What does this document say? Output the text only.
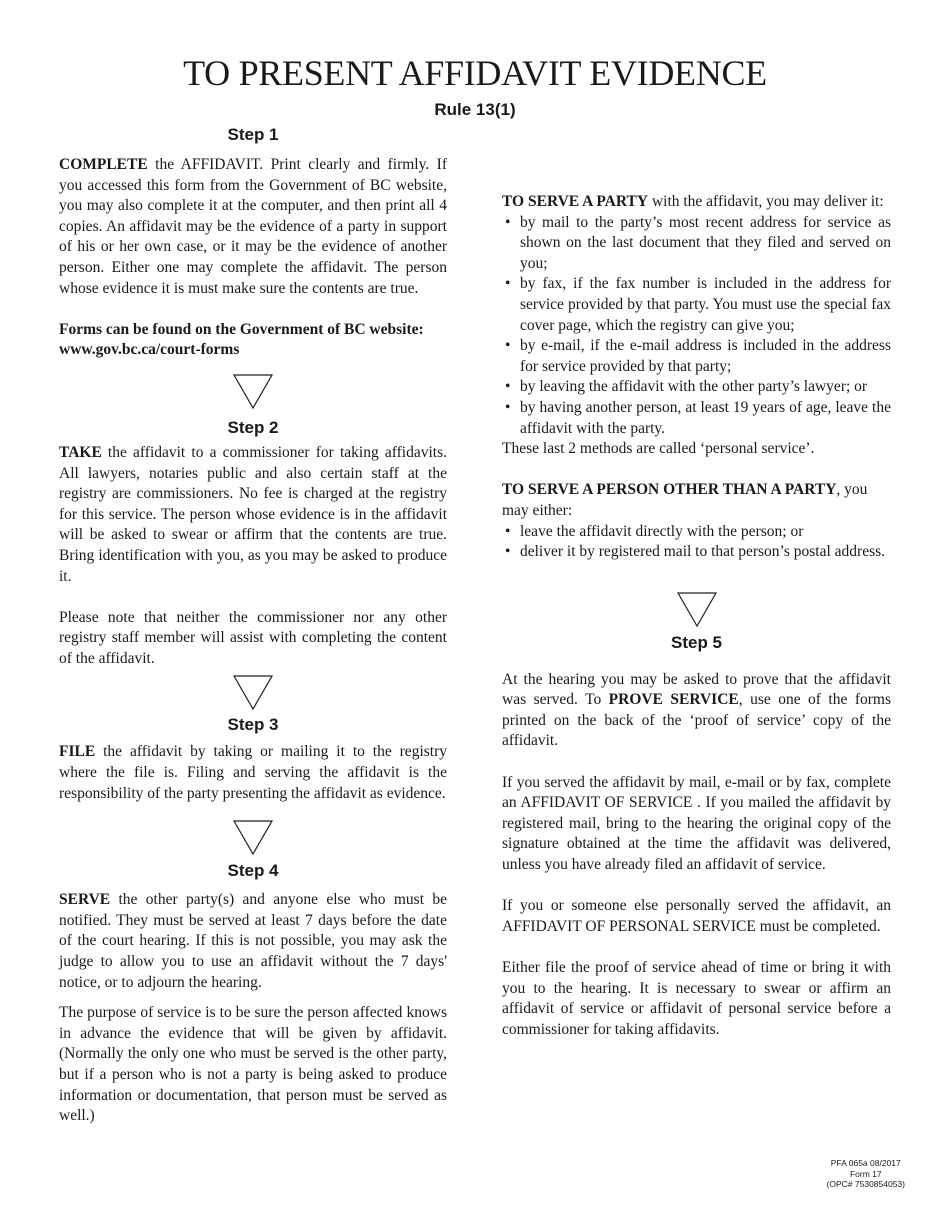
TO PRESENT AFFIDAVIT EVIDENCE
Rule 13(1)
Step 1

COMPLETE the AFFIDAVIT. Print clearly and firmly. If you accessed this form from the Government of BC website, you may also complete it at the computer, and then print all 4 copies. An affidavit may be the evidence of a party in support of his or her own case, or it may be the evidence of another person. Either one may complete the affidavit. The person whose evidence it is must make sure the contents are true.

Forms can be found on the Government of BC website:
www.gov.bc.ca/court-forms

Step 2

TAKE the affidavit to a commissioner for taking affidavits. All lawyers, notaries public and also certain staff at the registry are commissioners. No fee is charged at the registry for this service. The person whose evidence is in the affidavit will be asked to swear or affirm that the contents are true. Bring identification with you, as you may be asked to produce it.

Please note that neither the commissioner nor any other registry staff member will assist with completing the content of the affidavit.

Step 3

FILE the affidavit by taking or mailing it to the registry where the file is. Filing and serving the affidavit is the responsibility of the party presenting the affidavit as evidence.

Step 4

SERVE the other party(s) and anyone else who must be notified. They must be served at least 7 days before the date of the court hearing. If this is not possible, you may ask the judge to allow you to use an affidavit without the 7 days' notice, or to adjourn the hearing.

The purpose of service is to be sure the person affected knows in advance the evidence that will be given by affidavit. (Normally the only one who must be served is the other party, but if a person who is not a party is being asked to produce information or documentation, that person must be served as well.)

TO SERVE A PARTY with the affidavit, you may deliver it:

• by mail to the party’s most recent address for service as shown on the last document that they filed and served on you;
• by fax, if the fax number is included in the address for service provided by that party. You must use the special fax cover page, which the registry can give you;
• by e-mail, if the e-mail address is included in the address for service provided by that party;
• by leaving the affidavit with the other party’s lawyer; or
• by having another person, at least 19 years of age, leave the affidavit with the party.

These last 2 methods are called ‘personal service’.

TO SERVE A PERSON OTHER THAN A PARTY, you may either:

• leave the affidavit directly with the person; or
• deliver it by registered mail to that person’s postal address.
Step 5

At the hearing you may be asked to prove that the affidavit was served. To PROVE SERVICE, use one of the forms printed on the back of the ‘proof of service’ copy of the affidavit.

If you served the affidavit by mail, e-mail or by fax, complete an AFFIDAVIT OF SERVICE . If you mailed the affidavit by registered mail, bring to the hearing the original copy of the signature obtained at the time the affidavit was delivered, unless you have already filed an affidavit of service.

If you or someone else personally served the affidavit, an AFFIDAVIT OF PERSONAL SERVICE must be completed.

Either file the proof of service ahead of time or bring it with you to the hearing. It is necessary to swear or affirm an affidavit of service or affidavit of personal service before a commissioner for taking affidavits.

PFA 065a 08/2017
Form 17
(OPC# 7530854053)
